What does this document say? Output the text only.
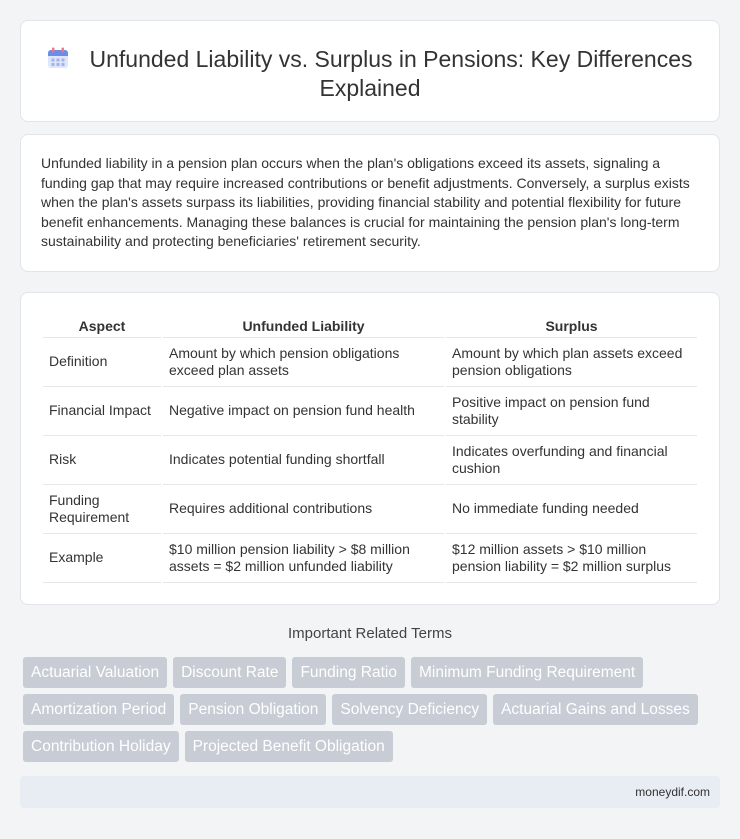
Unfunded Liability vs. Surplus in Pensions: Key Differences Explained

Unfunded liability in a pension plan occurs when the plan's obligations exceed its assets, signaling a funding gap that may require increased contributions or benefit adjustments. Conversely, a surplus exists when the plan's assets surpass its liabilities, providing financial stability and potential flexibility for future benefit enhancements. Managing these balances is crucial for maintaining the pension plan's long-term sustainability and protecting beneficiaries' retirement security.

Aspect	Unfunded Liability	Surplus
Definition	Amount by which pension obligations exceed plan assets	Amount by which plan assets exceed pension obligations
Financial Impact	Negative impact on pension fund health	Positive impact on pension fund stability
Risk	Indicates potential funding shortfall	Indicates overfunding and financial cushion
Funding Requirement	Requires additional contributions	No immediate funding needed
Example	$10 million pension liability > $8 million assets = $2 million unfunded liability	$12 million assets > $10 million pension liability = $2 million surplus
Important Related Terms
Actuarial Valuation	Discount Rate	Funding Ratio	Minimum Funding Requirement
Amortization Period	Pension Obligation	Solvency Deficiency	Actuarial Gains and Losses
Contribution Holiday	Projected Benefit Obligation
moneydif.com
